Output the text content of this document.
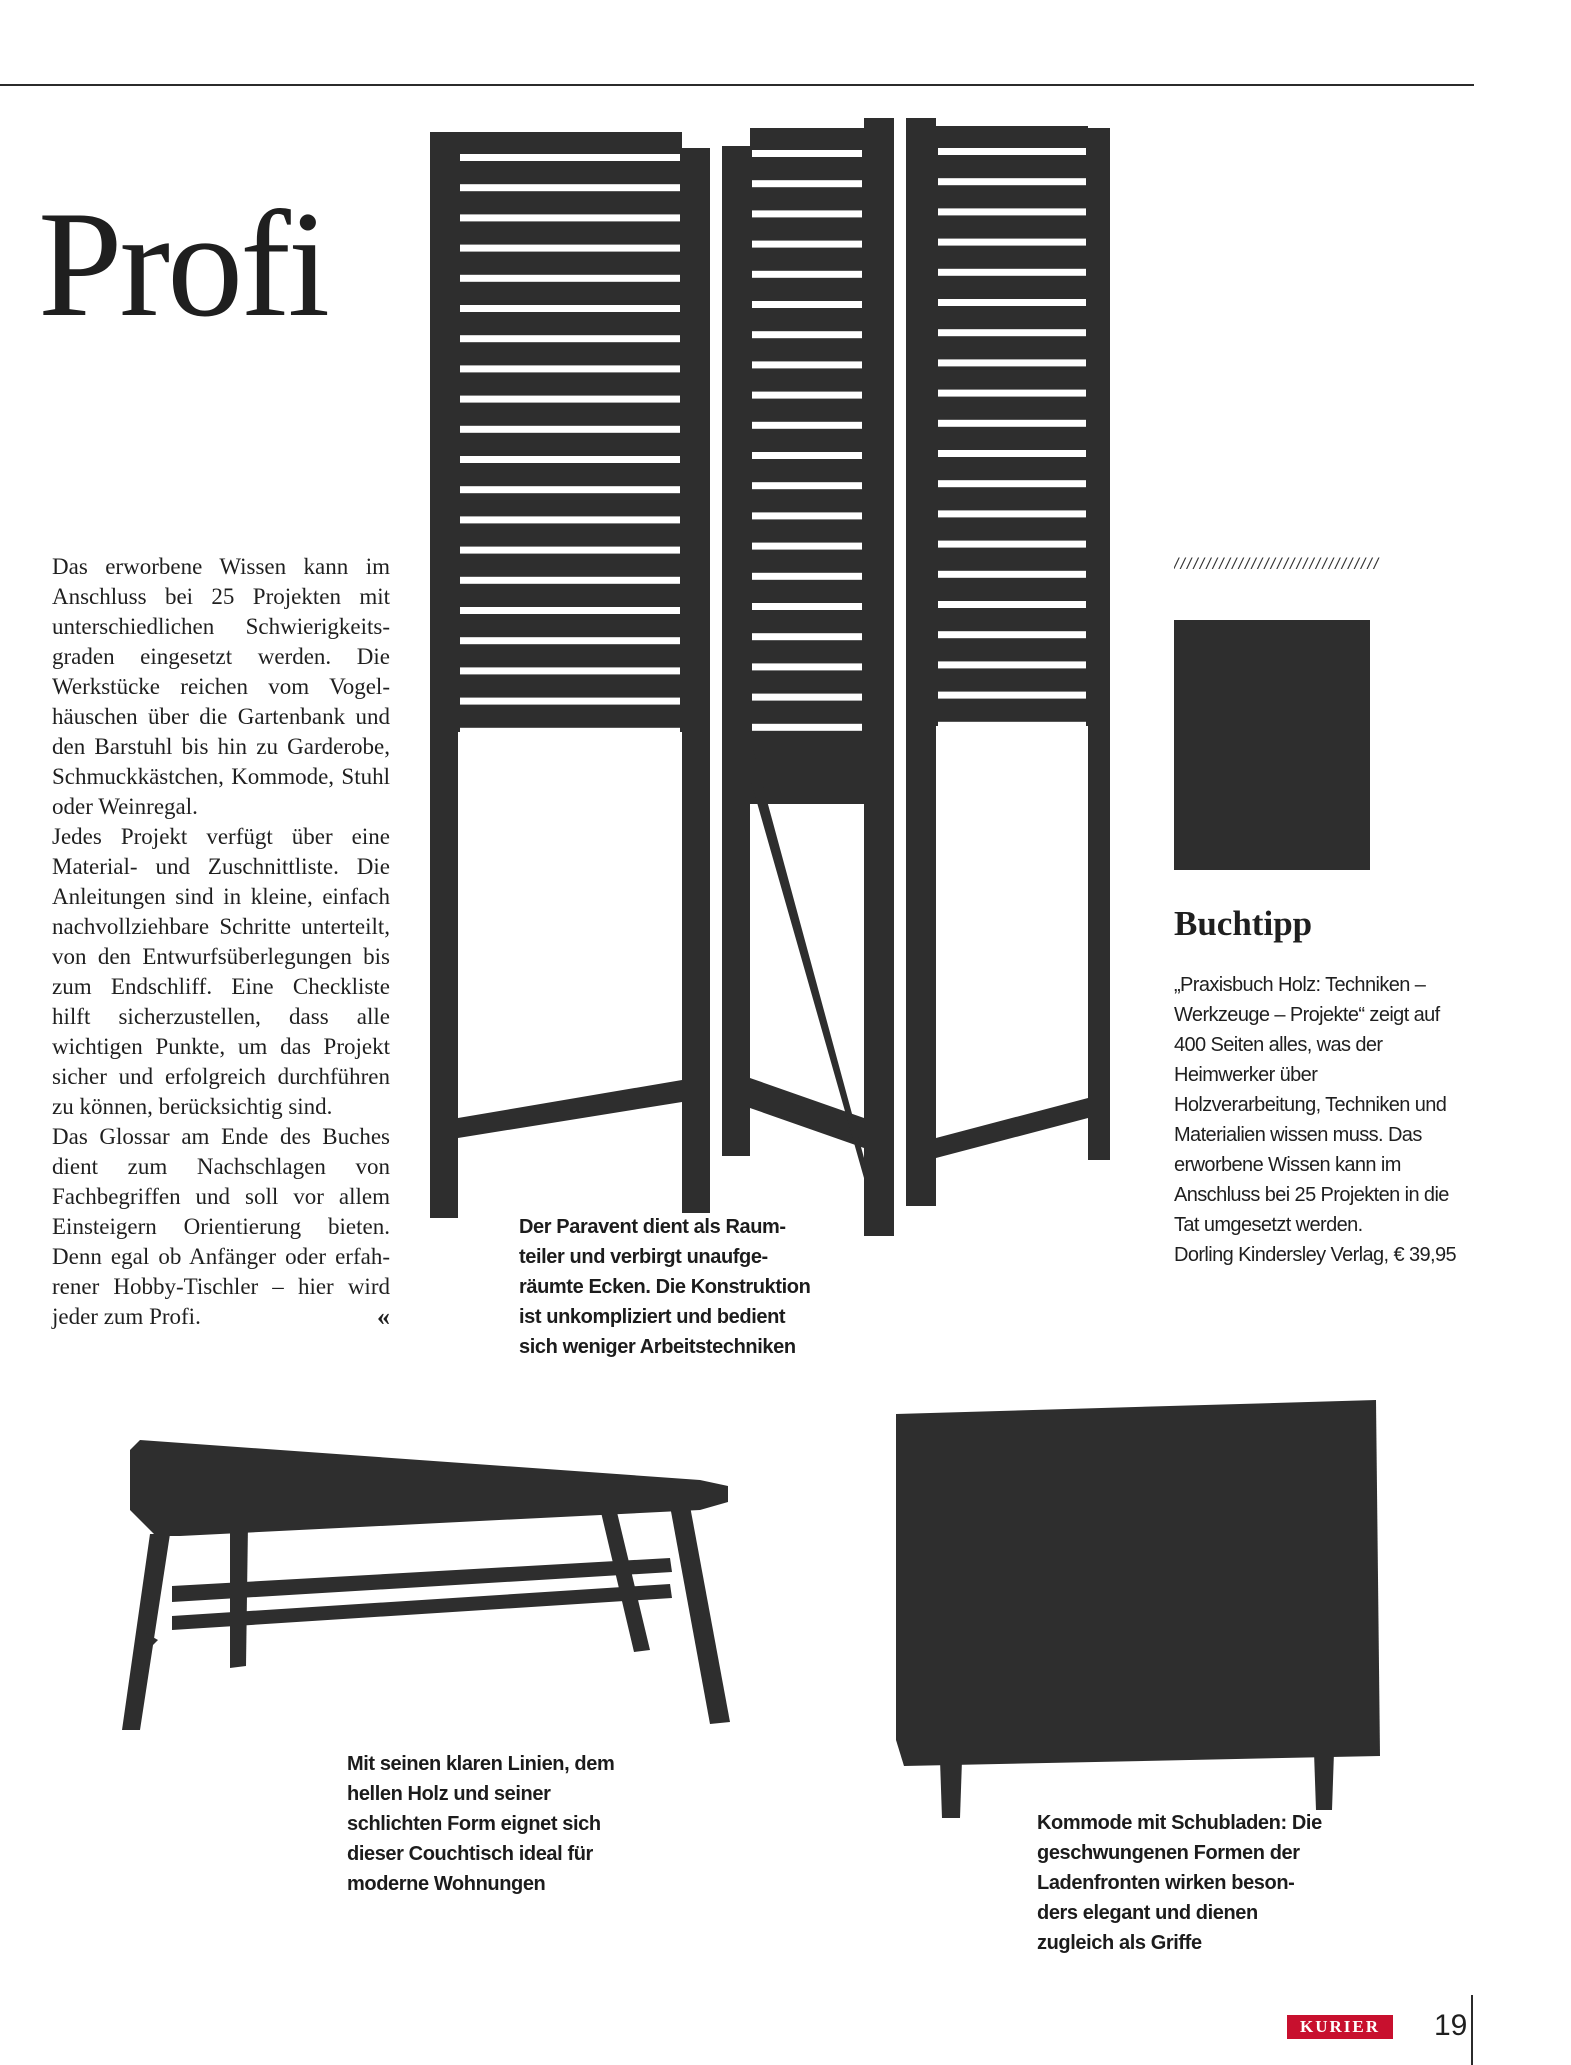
Profi

Das erworbene Wissen kann im Anschluss bei 25 Projekten mit unterschiedlichen Schwierigkeitsgraden eingesetzt werden. Die Werkstücke reichen vom Vogelhäuschen über die Gartenbank und den Barstuhl bis hin zu Garderobe, Schmuckkästchen, Kommode, Stuhl oder Weinregal.

Jedes Projekt verfügt über eine Material- und Zuschnittliste. Die Anleitungen sind in kleine, einfach nachvollziehbare Schritte unterteilt, von den Entwurfsüberlegungen bis zum Endschliff. Eine Checkliste hilft sicherzustellen, dass alle wichtigen Punkte, um das Projekt sicher und erfolgreich durchführen zu können, berücksichtig sind.

Das Glossar am Ende des Buches dient zum Nachschlagen von Fachbegriffen und soll vor allem Einsteigern Orientierung bieten. Denn egal ob Anfänger oder erfahrener Hobby-Tischler – hier wird jeder zum Profi.	«

Der Paravent dient als Raum-
teiler und verbirgt unaufge-
räumte Ecken. Die Konstruktion
ist unkompliziert und bedient
sich weniger Arbeitstechniken

////////////////////////////////
Buchtipp

„Praxisbuch Holz: Techniken –
Werkzeuge – Projekte“ zeigt auf
400 Seiten alles, was der
Heimwerker über
Holzverarbeitung, Techniken und
Materialien wissen muss. Das
erworbene Wissen kann im
Anschluss bei 25 Projekten in die
Tat umgesetzt werden.
Dorling Kindersley Verlag, € 39,95

Mit seinen klaren Linien, dem
hellen Holz und seiner
schlichten Form eignet sich
dieser Couchtisch ideal für
moderne Wohnungen

Kommode mit Schubladen: Die
geschwungenen Formen der
Ladenfronten wirken beson-
ders elegant und dienen
zugleich als Griffe

KURIER	19
